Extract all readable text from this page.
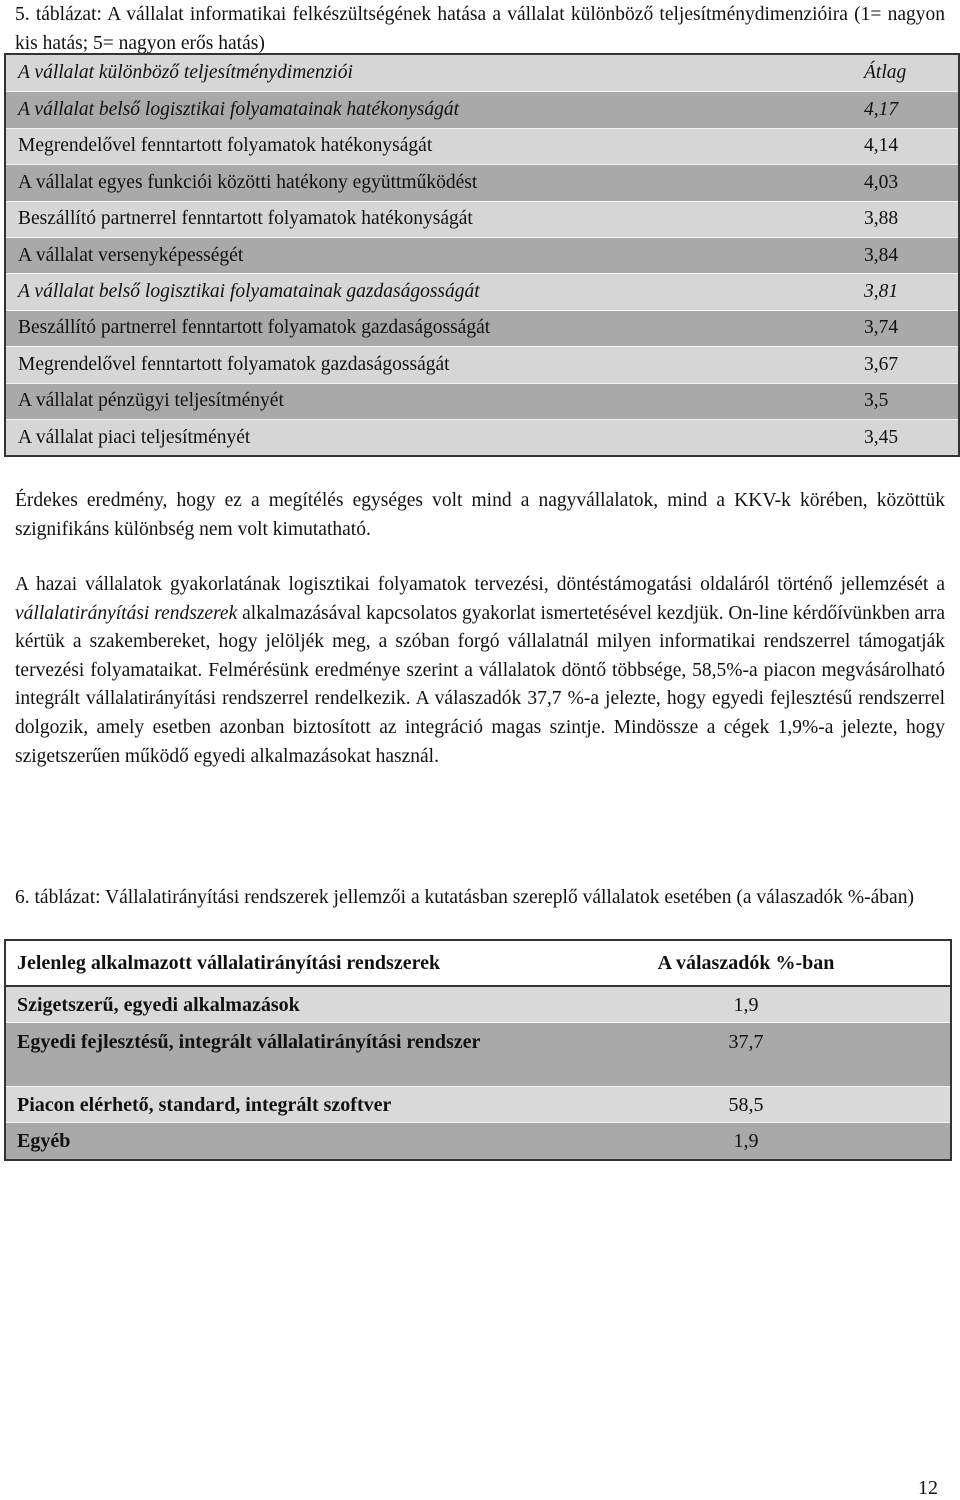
5. táblázat: A vállalat informatikai felkészültségének hatása a vállalat különböző teljesítménydimenzióira (1= nagyon kis hatás; 5= nagyon erős hatás)
A vállalat különböző teljesítménydimenziói	Átlag
A vállalat belső logisztikai folyamatainak hatékonyságát	4,17
Megrendelővel fenntartott folyamatok hatékonyságát	4,14
A vállalat egyes funkciói közötti hatékony együttműködést	4,03
Beszállító partnerrel fenntartott folyamatok hatékonyságát	3,88
A vállalat versenyképességét	3,84
A vállalat belső logisztikai folyamatainak gazdaságosságát	3,81
Beszállító partnerrel fenntartott folyamatok gazdaságosságát	3,74
Megrendelővel fenntartott folyamatok gazdaságosságát	3,67
A vállalat pénzügyi teljesítményét	3,5
A vállalat piaci teljesítményét	3,45
Érdekes eredmény, hogy ez a megítélés egységes volt mind a nagyvállalatok, mind a KKV-k körében, közöttük szignifikáns különbség nem volt kimutatható.
A hazai vállalatok gyakorlatának logisztikai folyamatok tervezési, döntéstámogatási oldaláról történő jellemzését a vállalatirányítási rendszerek alkalmazásával kapcsolatos gyakorlat ismertetésével kezdjük. On-line kérdőívünkben arra kértük a szakembereket, hogy jelöljék meg, a szóban forgó vállalatnál milyen informatikai rendszerrel támogatják tervezési folyamataikat. Felmérésünk eredménye szerint a vállalatok döntő többsége, 58,5%-a piacon megvásárolható integrált vállalatirányítási rendszerrel rendelkezik. A válaszadók 37,7 %-a jelezte, hogy egyedi fejlesztésű rendszerrel dolgozik, amely esetben azonban biztosított az integráció magas szintje. Mindössze a cégek 1,9%-a jelezte, hogy szigetszerűen működő egyedi alkalmazásokat használ.
6. táblázat: Vállalatirányítási rendszerek jellemzői a kutatásban szereplő vállalatok esetében (a válaszadók %-ában)
Jelenleg alkalmazott vállalatirányítási rendszerek	A válaszadók %-ban
Szigetszerű, egyedi alkalmazások	1,9
Egyedi fejlesztésű, integrált vállalatirányítási rendszer	37,7
Piacon elérhető, standard, integrált szoftver	58,5
Egyéb	1,9
12
